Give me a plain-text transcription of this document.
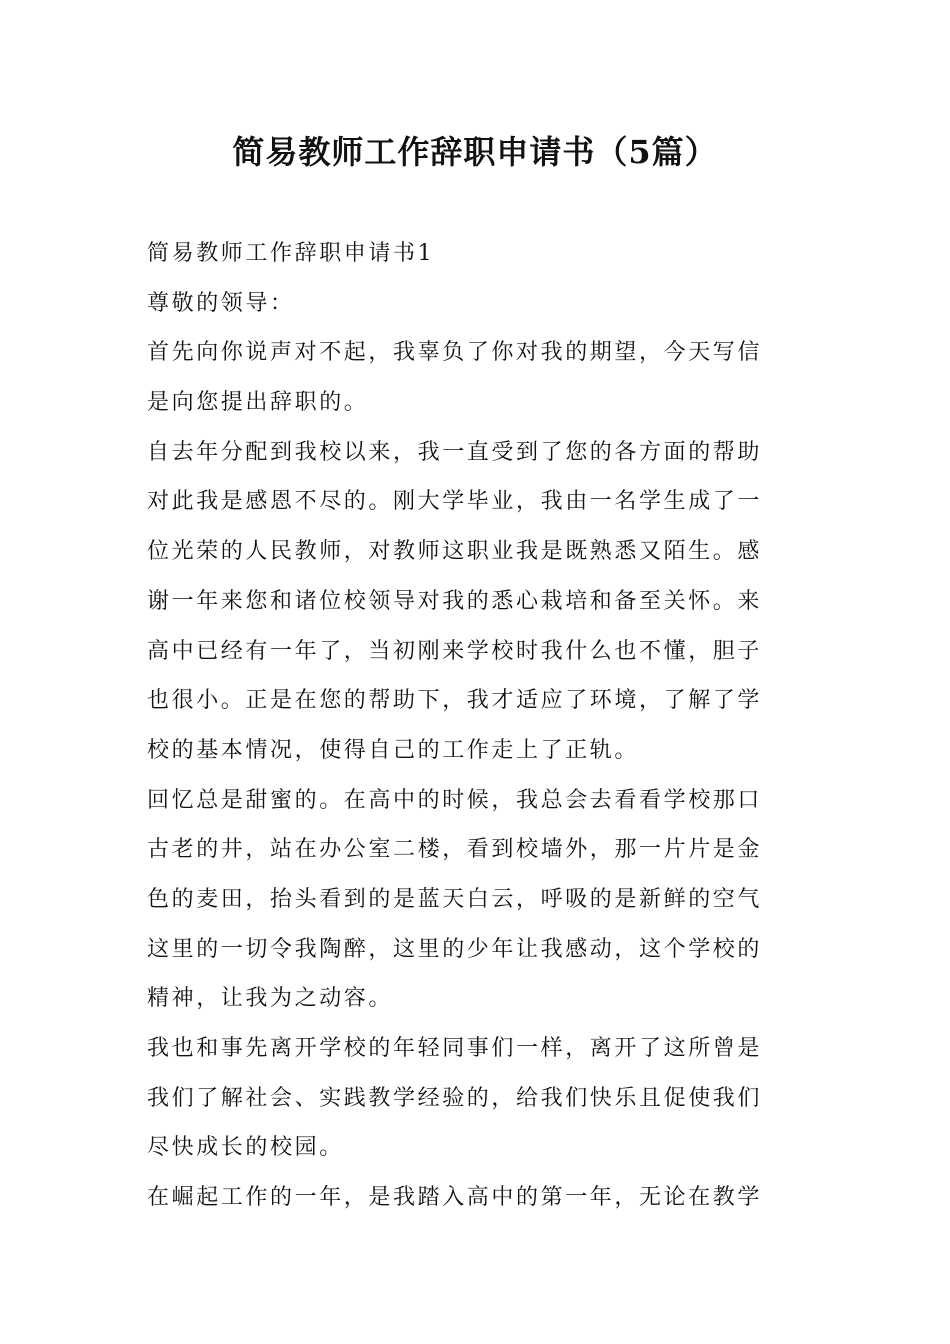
简易教师工作辞职申请书（5篇）
简易教师工作辞职申请书1
尊敬的领导：
首先向你说声对不起，我辜负了你对我的期望，今天写信
是向您提出辞职的。
自去年分配到我校以来，我一直受到了您的各方面的帮助
对此我是感恩不尽的。刚大学毕业，我由一名学生成了一
位光荣的人民教师，对教师这职业我是既熟悉又陌生。感
谢一年来您和诸位校领导对我的悉心栽培和备至关怀。来
高中已经有一年了，当初刚来学校时我什么也不懂，胆子
也很小。正是在您的帮助下，我才适应了环境，了解了学
校的基本情况，使得自己的工作走上了正轨。
回忆总是甜蜜的。在高中的时候，我总会去看看学校那口
古老的井，站在办公室二楼，看到校墙外，那一片片是金
色的麦田，抬头看到的是蓝天白云，呼吸的是新鲜的空气
这里的一切令我陶醉，这里的少年让我感动，这个学校的
精神，让我为之动容。
我也和事先离开学校的年轻同事们一样，离开了这所曾是
我们了解社会、实践教学经验的，给我们快乐且促使我们
尽快成长的校园。
在崛起工作的一年，是我踏入高中的第一年，无论在教学
